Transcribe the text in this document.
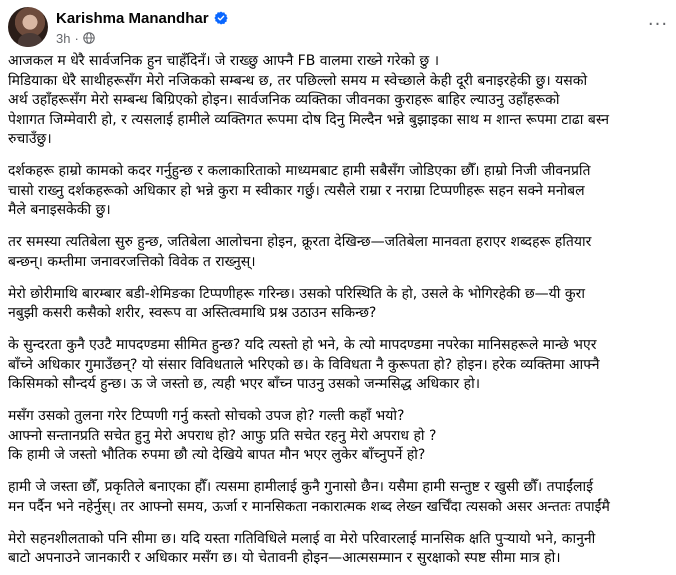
Karishma Manandhar
3h ·
···
आजकल म धेरै सार्वजनिक हुन चाहँदिनँ। जे राख्छु आफ्नै FB वालमा राख्ने गरेको छु ।
मिडियाका धेरै साथीहरूसँग मेरो नजिकको सम्बन्ध छ, तर पछिल्लो समय म स्वेच्छाले केही दूरी बनाइरहेकी छु। यसको
अर्थ उहाँहरूसँग मेरो सम्बन्ध बिग्रिएको होइन। सार्वजनिक व्यक्तिका जीवनका कुराहरू बाहिर ल्याउनु उहाँहरूको
पेशागत जिम्मेवारी हो, र त्यसलाई हामीले व्यक्तिगत रूपमा दोष दिनु मिल्दैन भन्ने बुझाइका साथ म शान्त रूपमा टाढा बस्न
रुचाउँछु।
दर्शकहरू हाम्रो कामको कदर गर्नुहुन्छ र कलाकारिताको माध्यमबाट हामी सबैसँग जोडिएका छौँ। हाम्रो निजी जीवनप्रति
चासो राख्नु दर्शकहरूको अधिकार हो भन्ने कुरा म स्वीकार गर्छु। त्यसैले राम्रा र नराम्रा टिप्पणीहरू सहन सक्ने मनोबल
मैले बनाइसकेकी छु।
तर समस्या त्यतिबेला सुरु हुन्छ, जतिबेला आलोचना होइन, क्रूरता देखिन्छ—जतिबेला मानवता हराएर शब्दहरू हतियार
बन्छन्। कम्तीमा जनावरजत्तिको विवेक त राख्नुस्।
मेरो छोरीमाथि बारम्बार बडी-शेमिङका टिप्पणीहरू गरिन्छ। उसको परिस्थिति के हो, उसले के भोगिरहेकी छ—यी कुरा
नबुझी कसरी कसैको शरीर, स्वरूप वा अस्तित्वमाथि प्रश्न उठाउन सकिन्छ?
के सुन्दरता कुनै एउटै मापदण्डमा सीमित हुन्छ? यदि त्यस्तो हो भने, के त्यो मापदण्डमा नपरेका मानिसहरूले मान्छे भएर
बाँच्ने अधिकार गुमाउँछन्? यो संसार विविधताले भरिएको छ। के विविधता नै कुरूपता हो? होइन। हरेक व्यक्तिमा आफ्नै
किसिमको सौन्दर्य हुन्छ। ऊ जे जस्तो छ, त्यही भएर बाँच्न पाउनु उसको जन्मसिद्ध अधिकार हो।
मसँग उसको तुलना गरेर टिप्पणी गर्नु कस्तो सोचको उपज हो? गल्ती कहाँ भयो?
आफ्नो सन्तानप्रति सचेत हुनु मेरो अपराध हो? आफु प्रति सचेत रहनु मेरो अपराध हो ?
कि हामी जे जस्तो भौतिक रुपमा छौ त्यो देखिये बापत मौन भएर लुकेर बाँच्नुपर्ने हो?
हामी जे जस्ता छौँ, प्रकृतिले बनाएका हौँ। त्यसमा हामीलाई कुनै गुनासो छैन। यसैमा हामी सन्तुष्ट र खुसी छौँ। तपाईंलाई
मन पर्दैन भने नहेर्नुस्। तर आफ्नो समय, ऊर्जा र मानसिकता नकारात्मक शब्द लेख्न खर्चिँदा त्यसको असर अन्ततः तपाईंमै
मेरो सहनशीलताको पनि सीमा छ। यदि यस्ता गतिविधिले मलाई वा मेरो परिवारलाई मानसिक क्षति पुर्‍यायो भने, कानुनी
बाटो अपनाउने जानकारी र अधिकार मसँग छ। यो चेतावनी होइन—आत्मसम्मान र सुरक्षाको स्पष्ट सीमा मात्र हो।
